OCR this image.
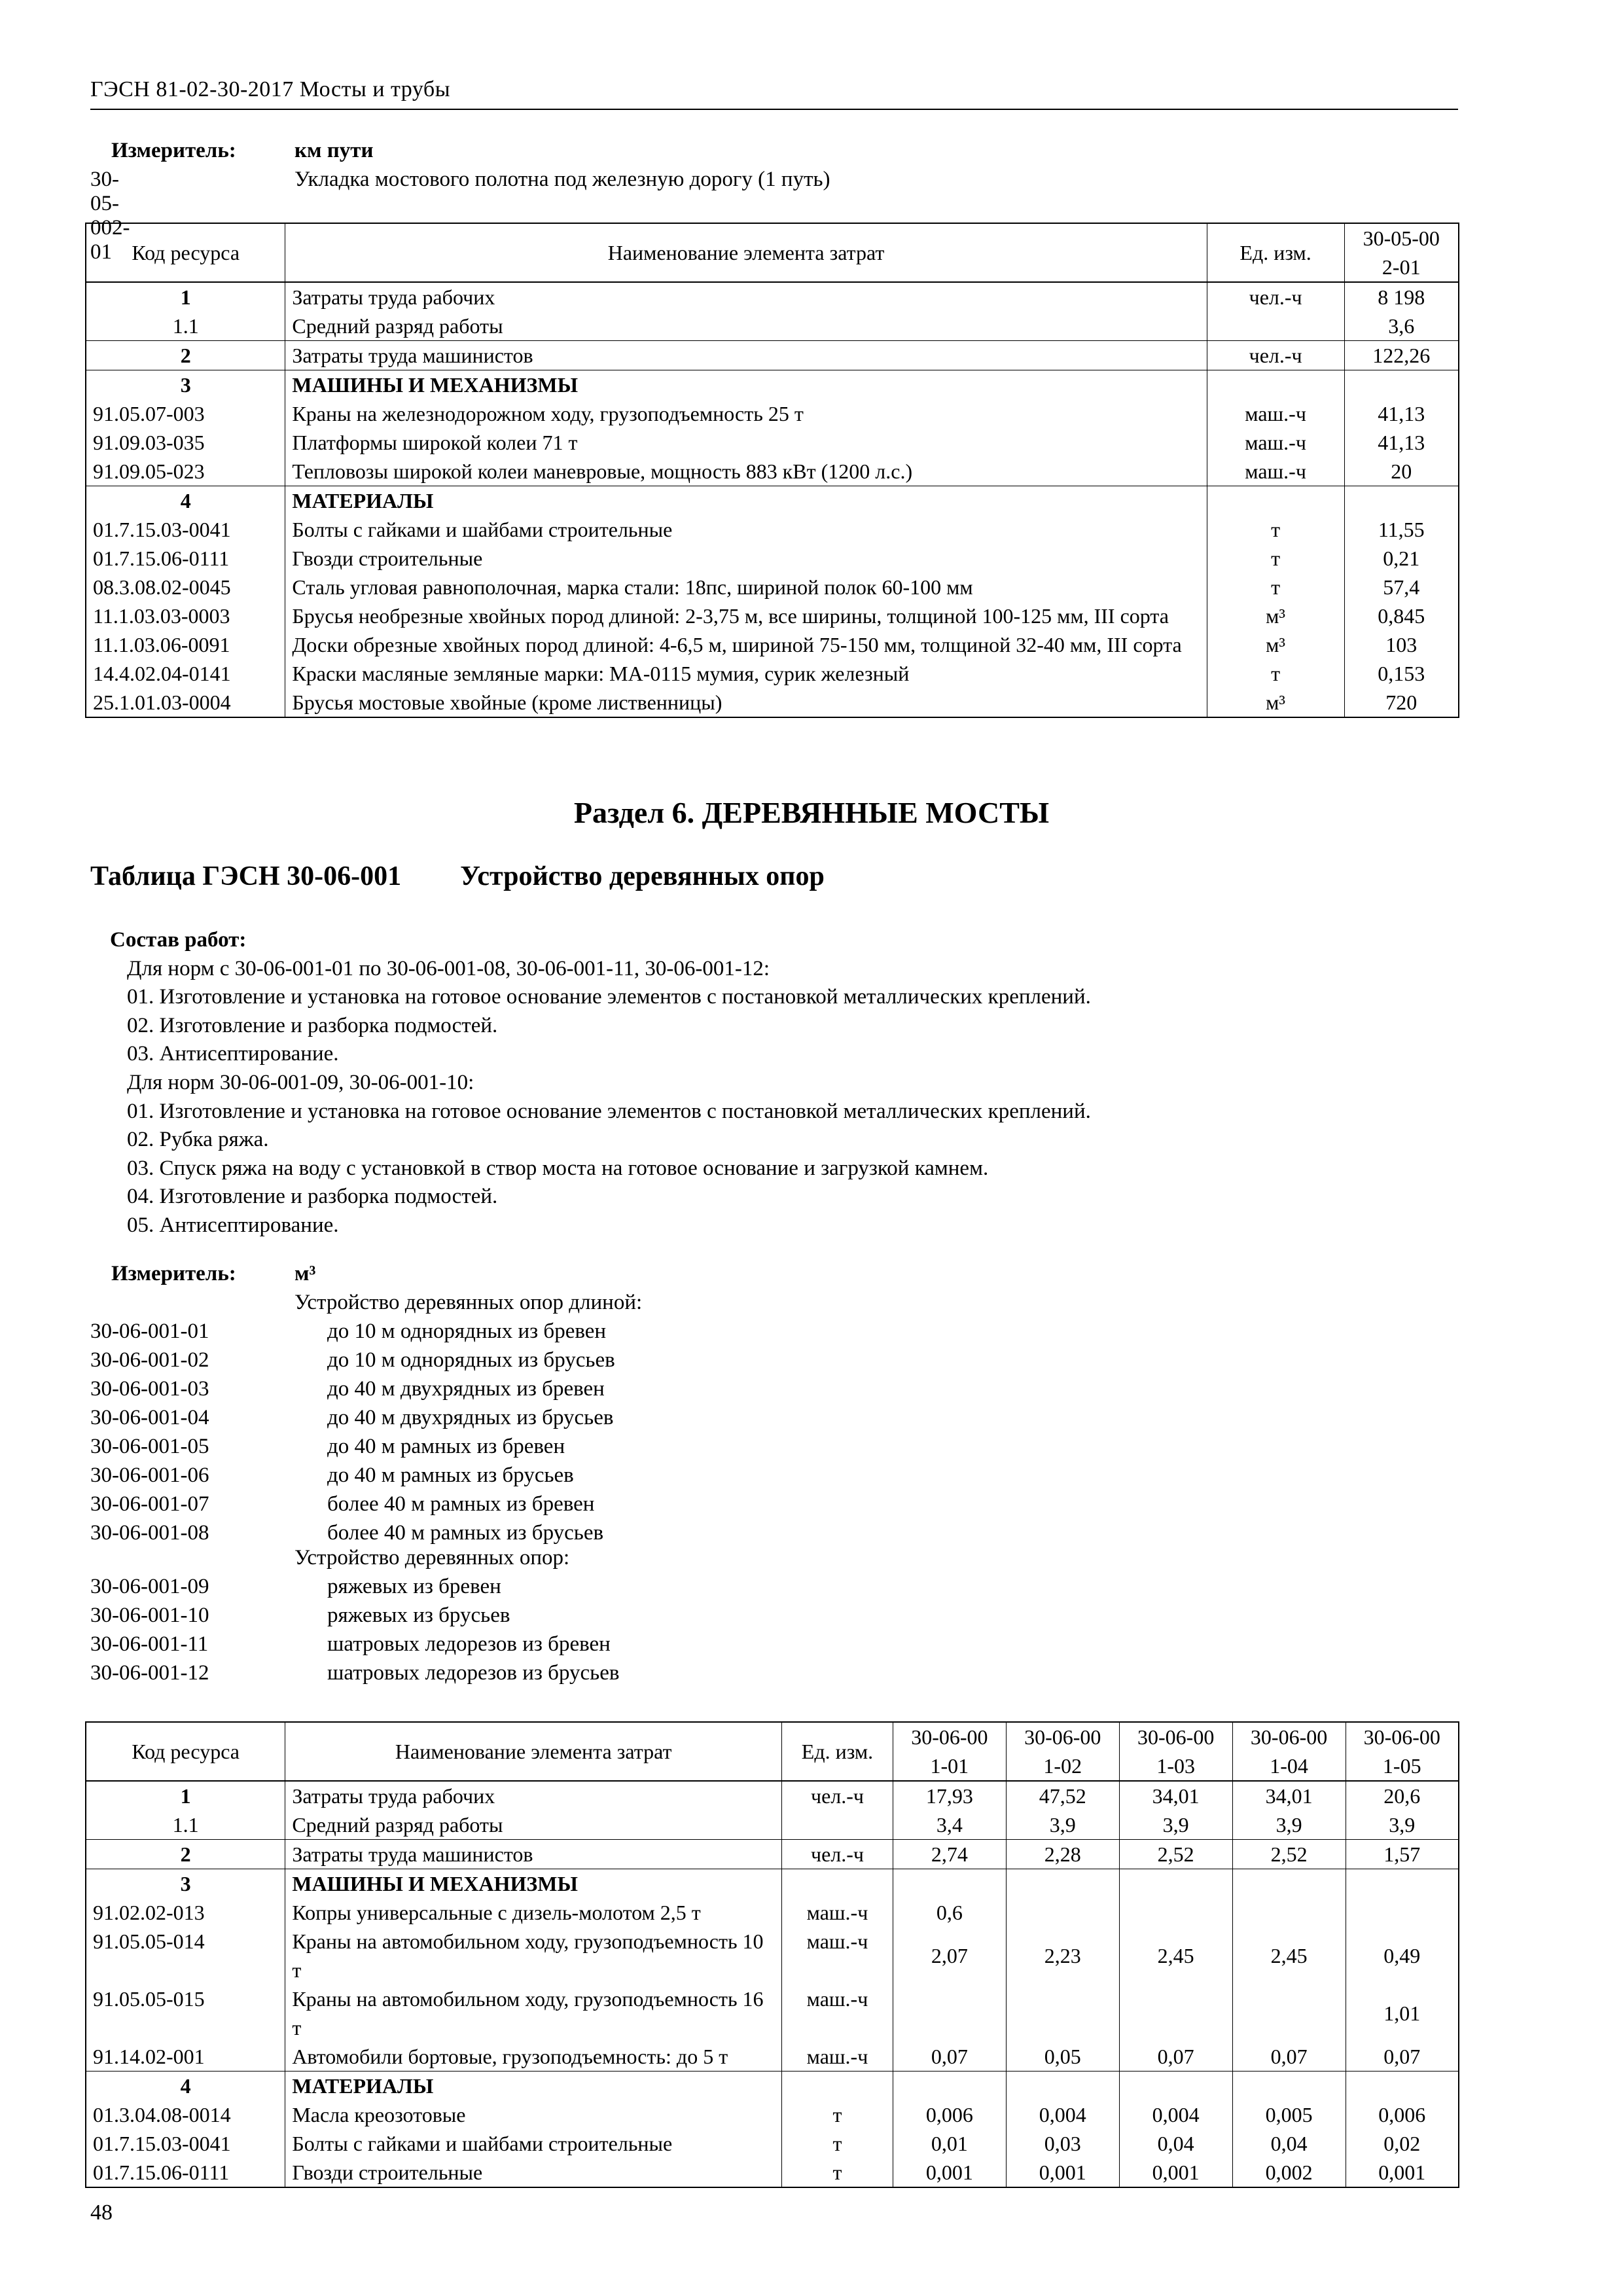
ГЭСН 81-02-30-2017 Мосты и трубы
Измеритель:	км пути
30-05-002-01
Укладка мостового полотна под железную дорогу (1 путь)
Код ресурса	Наименование элемента затрат	Ед. изм.	30-05-002-01
1	Затраты труда рабочих	чел.-ч	8 198
1.1	Средний разряд работы		3,6
2	Затраты труда машинистов	чел.-ч	122,26
3	МАШИНЫ И МЕХАНИЗМЫ		
91.05.07-003	Краны на железнодорожном ходу, грузоподъемность 25 т	маш.-ч	41,13
91.09.03-035	Платформы широкой колеи 71 т	маш.-ч	41,13
91.09.05-023	Тепловозы широкой колеи маневровые, мощность 883 кВт (1200 л.с.)	маш.-ч	20
4	МАТЕРИАЛЫ		
01.7.15.03-0041	Болты с гайками и шайбами строительные	т	11,55
01.7.15.06-0111	Гвозди строительные	т	0,21
08.3.08.02-0045	Сталь угловая равнополочная, марка стали: 18пс, шириной полок 60-100 мм	т	57,4
11.1.03.03-0003	Брусья необрезные хвойных пород длиной: 2-3,75 м, все ширины, толщиной 100-125 мм, III сорта	м³	0,845
11.1.03.06-0091	Доски обрезные хвойных пород длиной: 4-6,5 м, шириной 75-150 мм, толщиной 32-40 мм, III сорта	м³	103
14.4.02.04-0141	Краски масляные земляные марки: МА-0115 мумия, сурик железный	т	0,153
25.1.01.03-0004	Брусья мостовые хвойные (кроме лиственницы)	м³	720
Раздел 6. ДЕРЕВЯННЫЕ МОСТЫ
Таблица ГЭСН 30-06-001 Устройство деревянных опор
Состав работ:
Для норм с 30-06-001-01 по 30-06-001-08, 30-06-001-11, 30-06-001-12:
01. Изготовление и установка на готовое основание элементов с постановкой металлических креплений.
02. Изготовление и разборка подмостей.
03. Антисептирование.
Для норм 30-06-001-09, 30-06-001-10:
01. Изготовление и установка на готовое основание элементов с постановкой металлических креплений.
02. Рубка ряжа.
03. Спуск ряжа на воду с установкой в створ моста на готовое основание и загрузкой камнем.
04. Изготовление и разборка подмостей.
05. Антисептирование.
Измеритель:	м³
Устройство деревянных опор длиной:
30-06-001-01	до 10 м однорядных из бревен
30-06-001-02	до 10 м однорядных из брусьев
30-06-001-03	до 40 м двухрядных из бревен
30-06-001-04	до 40 м двухрядных из брусьев
30-06-001-05	до 40 м рамных из бревен
30-06-001-06	до 40 м рамных из брусьев
30-06-001-07	более 40 м рамных из бревен
30-06-001-08	более 40 м рамных из брусьев
Устройство деревянных опор:
30-06-001-09	ряжевых из бревен
30-06-001-10	ряжевых из брусьев
30-06-001-11	шатровых ледорезов из бревен
30-06-001-12	шатровых ледорезов из брусьев
Код ресурса	Наименование элемента затрат	Ед. изм.	30-06-001-01	30-06-001-02	30-06-001-03	30-06-001-04	30-06-001-05
1	Затраты труда рабочих	чел.-ч	17,93	47,52	34,01	34,01	20,6
1.1	Средний разряд работы		3,4	3,9	3,9	3,9	3,9
2	Затраты труда машинистов	чел.-ч	2,74	2,28	2,52	2,52	1,57
3	МАШИНЫ И МЕХАНИЗМЫ						
91.02.02-013	Копры универсальные с дизель-молотом 2,5 т	маш.-ч	0,6				
91.05.05-014	Краны на автомобильном ходу, грузоподъемность 10 т	маш.-ч	2,07	2,23	2,45	2,45	0,49
91.05.05-015	Краны на автомобильном ходу, грузоподъемность 16 т	маш.-ч					1,01
91.14.02-001	Автомобили бортовые, грузоподъемность: до 5 т	маш.-ч	0,07	0,05	0,07	0,07	0,07
4	МАТЕРИАЛЫ						
01.3.04.08-0014	Масла креозотовые	т	0,006	0,004	0,004	0,005	0,006
01.7.15.03-0041	Болты с гайками и шайбами строительные	т	0,01	0,03	0,04	0,04	0,02
01.7.15.06-0111	Гвозди строительные	т	0,001	0,001	0,001	0,002	0,001
48
